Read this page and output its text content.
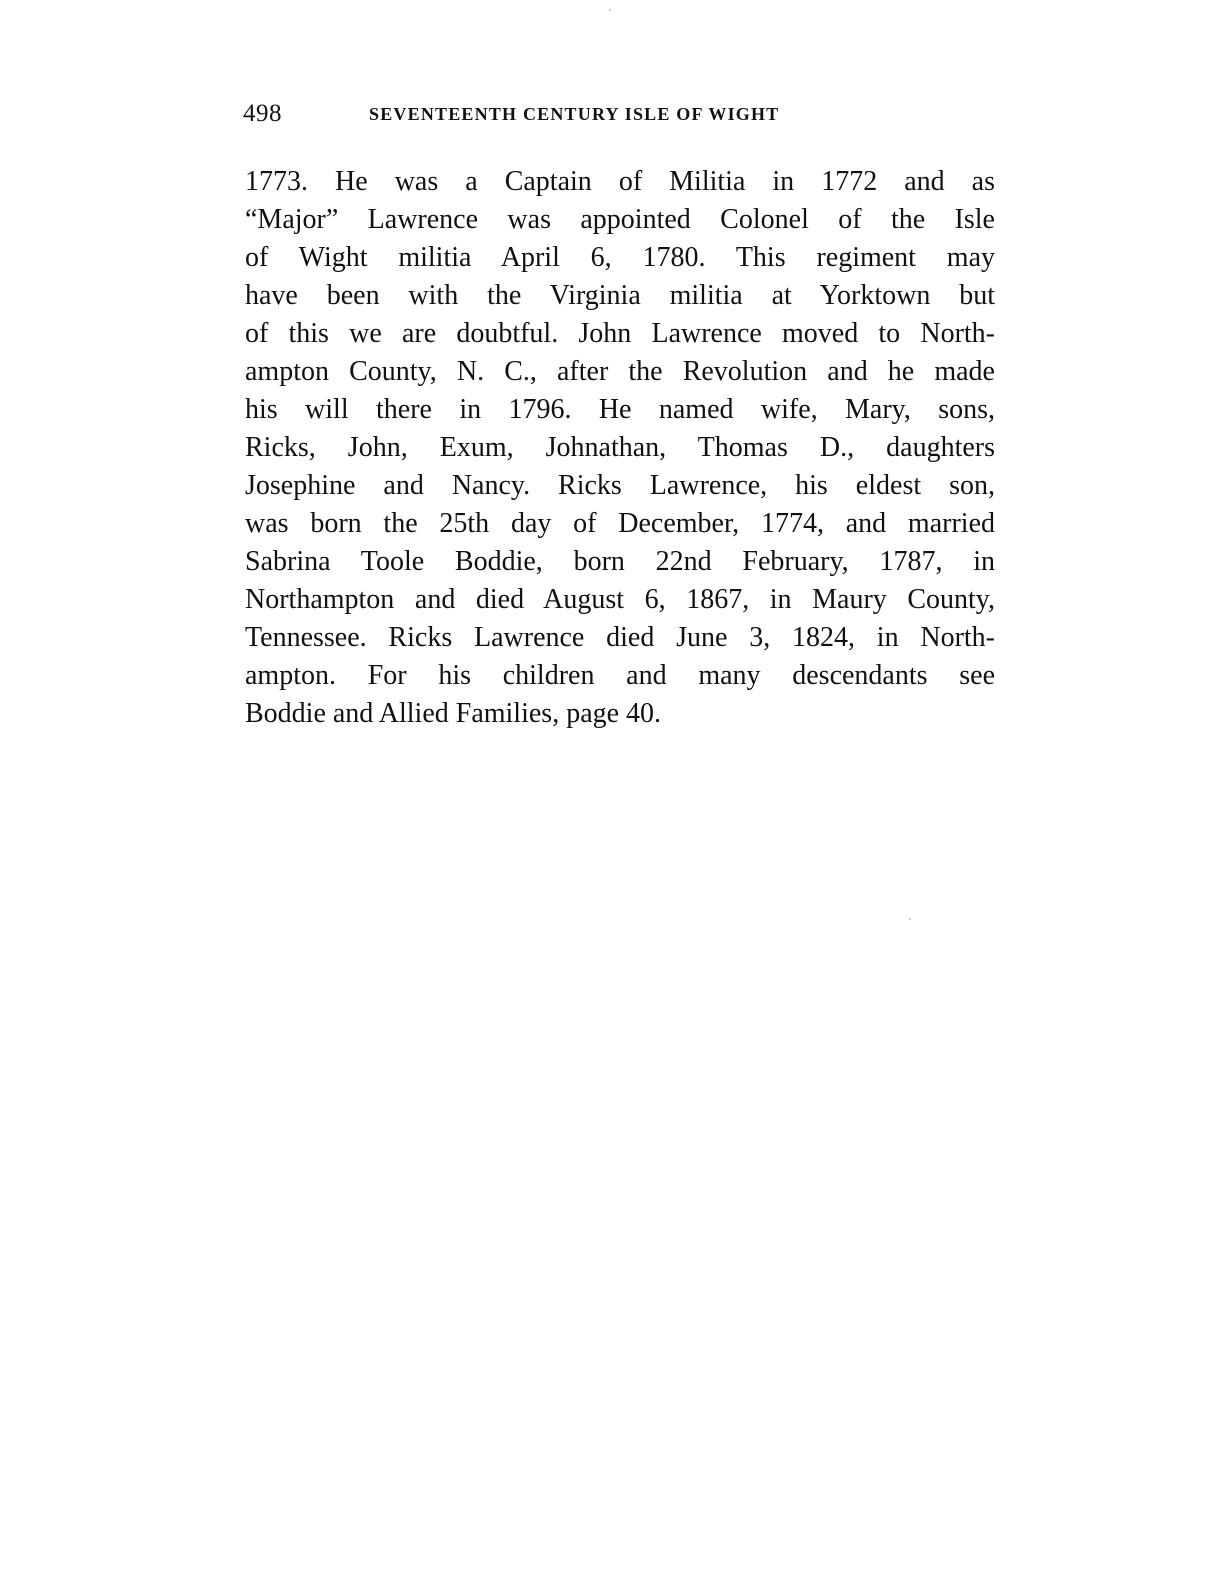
498	SEVENTEENTH CENTURY ISLE OF WIGHT
1773. He was a Captain of Militia in 1772 and as
“Major” Lawrence was appointed Colonel of the Isle
of Wight militia April 6, 1780. This regiment may
have been with the Virginia militia at Yorktown but
of this we are doubtful. John Lawrence moved to North-
ampton County, N. C., after the Revolution and he made
his will there in 1796. He named wife, Mary, sons,
Ricks, John, Exum, Johnathan, Thomas D., daughters
Josephine and Nancy. Ricks Lawrence, his eldest son,
was born the 25th day of December, 1774, and married
Sabrina Toole Boddie, born 22nd February, 1787, in
Northampton and died August 6, 1867, in Maury County,
Tennessee. Ricks Lawrence died June 3, 1824, in North-
ampton. For his children and many descendants see
Boddie and Allied Families, page 40.
